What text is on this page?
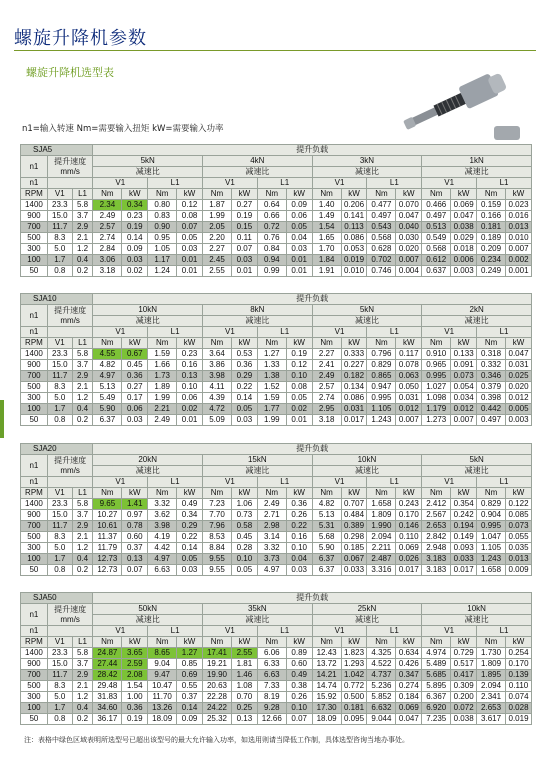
螺旋升降机参数
螺旋升降机选型表
n1=输入转速 Nm=需要输入扭矩 kW=需要输入功率
SJA5			提升负载															
n1	提升速度
mm/s		5kN				4kN				3kN				1kN			
			减速比				减速比				减速比				减速比			
n1			V1		L1		V1		L1		V1		L1		V1		L1	
RPM	V1	L1	Nm	kW	Nm	kW	Nm	kW	Nm	kW	Nm	kW	Nm	kW	Nm	kW	Nm	kW
1400	23.3	5.8	2.34	0.34	0.80	0.12	1.87	0.27	0.64	0.09	1.40	0.206	0.477	0.070	0.466	0.069	0.159	0.023
900	15.0	3.7	2.49	0.23	0.83	0.08	1.99	0.19	0.66	0.06	1.49	0.141	0.497	0.047	0.497	0.047	0.166	0.016
700	11.7	2.9	2.57	0.19	0.90	0.07	2.05	0.15	0.72	0.05	1.54	0.113	0.543	0.040	0.513	0.038	0.181	0.013
500	8.3	2.1	2.74	0.14	0.95	0.05	2.20	0.11	0.76	0.04	1.65	0.086	0.568	0.030	0.549	0.029	0.189	0.010
300	5.0	1.2	2.84	0.09	1.05	0.03	2.27	0.07	0.84	0.03	1.70	0.053	0.628	0.020	0.568	0.018	0.209	0.007
100	1.7	0.4	3.06	0.03	1.17	0.01	2.45	0.03	0.94	0.01	1.84	0.019	0.702	0.007	0.612	0.006	0.234	0.002
50	0.8	0.2	3.18	0.02	1.24	0.01	2.55	0.01	0.99	0.01	1.91	0.010	0.746	0.004	0.637	0.003	0.249	0.001
SJA10			提升负载															
n1	提升速度
mm/s		10kN				8kN				5kN				2kN			
			减速比				减速比				减速比				减速比			
n1			V1		L1		V1		L1		V1		L1		V1		L1	
RPM	V1	L1	Nm	kW	Nm	kW	Nm	kW	Nm	kW	Nm	kW	Nm	kW	Nm	kW	Nm	kW
1400	23.3	5.8	4.55	0.67	1.59	0.23	3.64	0.53	1.27	0.19	2.27	0.333	0.796	0.117	0.910	0.133	0.318	0.047
900	15.0	3.7	4.82	0.45	1.66	0.16	3.86	0.36	1.33	0.12	2.41	0.227	0.829	0.078	0.965	0.091	0.332	0.031
700	11.7	2.9	4.97	0.36	1.73	0.13	3.98	0.29	1.38	0.10	2.49	0.182	0.865	0.063	0.995	0.073	0.346	0.025
500	8.3	2.1	5.13	0.27	1.89	0.10	4.11	0.22	1.52	0.08	2.57	0.134	0.947	0.050	1.027	0.054	0.379	0.020
300	5.0	1.2	5.49	0.17	1.99	0.06	4.39	0.14	1.59	0.05	2.74	0.086	0.995	0.031	1.098	0.034	0.398	0.012
100	1.7	0.4	5.90	0.06	2.21	0.02	4.72	0.05	1.77	0.02	2.95	0.031	1.105	0.012	1.179	0.012	0.442	0.005
50	0.8	0.2	6.37	0.03	2.49	0.01	5.09	0.03	1.99	0.01	3.18	0.017	1.243	0.007	1.273	0.007	0.497	0.003
SJA20			提升负载															
n1	提升速度
mm/s		20kN				15kN				10kN				5kN			
			减速比				减速比				减速比				减速比			
n1			V1		L1		V1		L1		V1		L1		V1		L1	
RPM	V1	L1	Nm	kW	Nm	kW	Nm	kW	Nm	kW	Nm	kW	Nm	kW	Nm	kW	Nm	kW
1400	23.3	5.8	9.65	1.41	3.32	0.49	7.23	1.06	2.49	0.36	4.82	0.707	1.658	0.243	2.412	0.354	0.829	0.122
900	15.0	3.7	10.27	0.97	3.62	0.34	7.70	0.73	2.71	0.26	5.13	0.484	1.809	0.170	2.567	0.242	0.904	0.085
700	11.7	2.9	10.61	0.78	3.98	0.29	7.96	0.58	2.98	0.22	5.31	0.389	1.990	0.146	2.653	0.194	0.995	0.073
500	8.3	2.1	11.37	0.60	4.19	0.22	8.53	0.45	3.14	0.16	5.68	0.298	2.094	0.110	2.842	0.149	1.047	0.055
300	5.0	1.2	11.79	0.37	4.42	0.14	8.84	0.28	3.32	0.10	5.90	0.185	2.211	0.069	2.948	0.093	1.105	0.035
100	1.7	0.4	12.73	0.13	4.97	0.05	9.55	0.10	3.73	0.04	6.37	0.067	2.487	0.026	3.183	0.033	1.243	0.013
50	0.8	0.2	12.73	0.07	6.63	0.03	9.55	0.05	4.97	0.03	6.37	0.033	3.316	0.017	3.183	0.017	1.658	0.009
SJA50			提升负载															
n1	提升速度
mm/s		50kN				35kN				25kN				10kN			
			减速比				减速比				减速比				减速比			
n1			V1		L1		V1		L1		V1		L1		V1		L1	
RPM	V1	L1	Nm	kW	Nm	kW	Nm	kW	Nm	kW	Nm	kW	Nm	kW	Nm	kW	Nm	kW
1400	23.3	5.8	24.87	3.65	8.65	1.27	17.41	2.55	6.06	0.89	12.43	1.823	4.325	0.634	4.974	0.729	1.730	0.254
900	15.0	3.7	27.44	2.59	9.04	0.85	19.21	1.81	6.33	0.60	13.72	1.293	4.522	0.426	5.489	0.517	1.809	0.170
700	11.7	2.9	28.42	2.08	9.47	0.69	19.90	1.46	6.63	0.49	14.21	1.042	4.737	0.347	5.685	0.417	1.895	0.139
500	8.3	2.1	29.48	1.54	10.47	0.55	20.63	1.08	7.33	0.38	14.74	0.772	5.236	0.274	5.895	0.309	2.094	0.110
300	5.0	1.2	31.83	1.00	11.70	0.37	22.28	0.70	8.19	0.26	15.92	0.500	5.852	0.184	6.367	0.200	2.341	0.074
100	1.7	0.4	34.60	0.36	13.26	0.14	24.22	0.25	9.28	0.10	17.30	0.181	6.632	0.069	6.920	0.072	2.653	0.028
50	0.8	0.2	36.17	0.19	18.09	0.09	25.32	0.13	12.66	0.07	18.09	0.095	9.044	0.047	7.235	0.038	3.617	0.019
注：表格中绿色区域表明所选型号已超出该型号的最大允许输入功率，如选用则请当降低工作制，具体选型咨询当地办事处。
